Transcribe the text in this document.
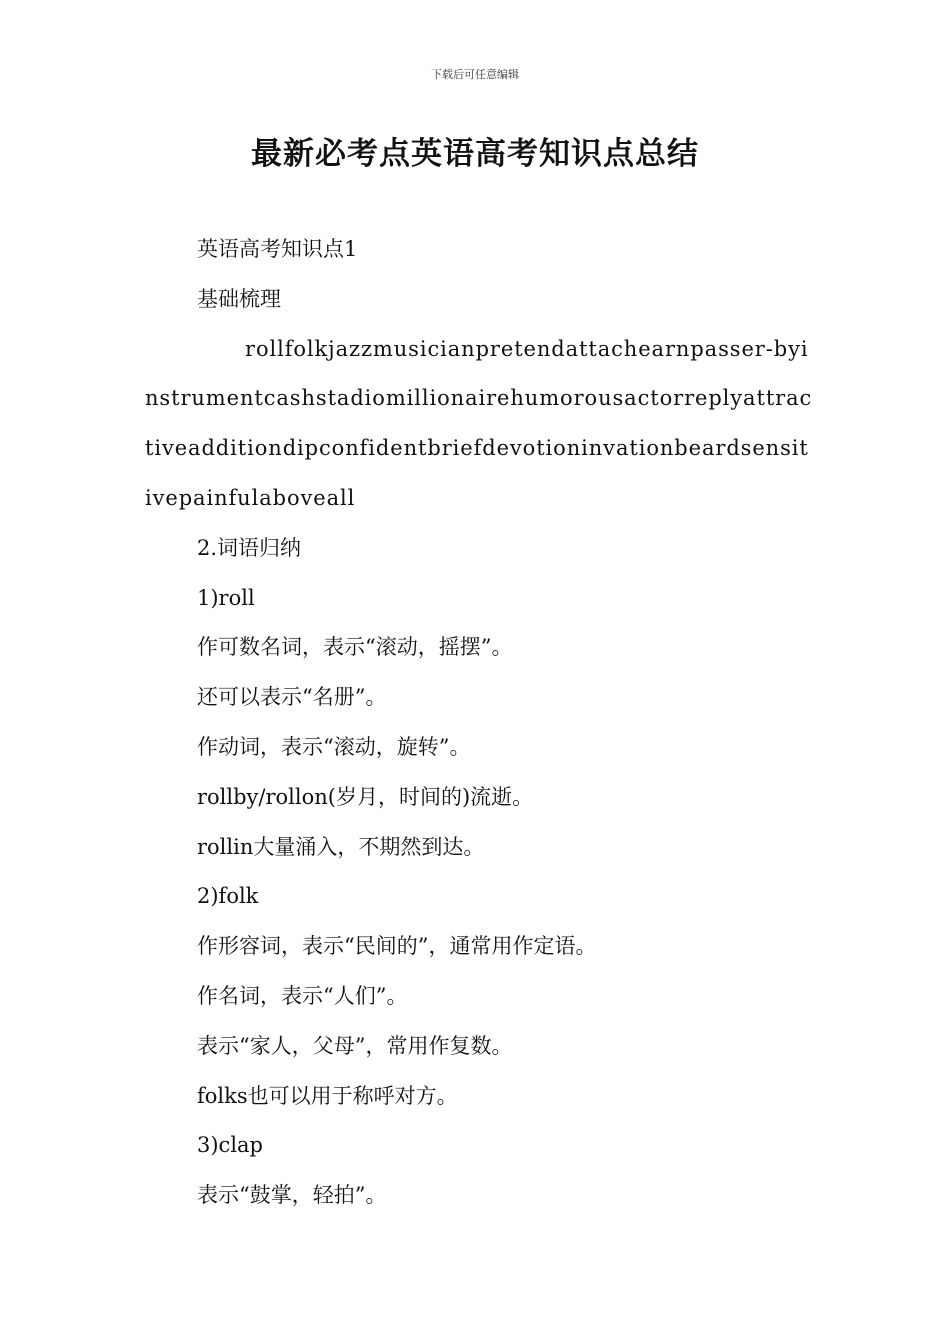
下载后可任意编辑
最新必考点英语高考知识点总结

英语高考知识点1

基础梳理

rollfolkjazzmusicianpretendattachearnpasser-byinstrumentcashstadiomillionairehumorousactorreplyattractiveadditiondipconfidentbriefdevotioninvationbeardsensitivepainfulaboveall

2.词语归纳

1)roll

作可数名词，表示“滚动，摇摆”。

还可以表示“名册”。

作动词，表示“滚动，旋转”。

rollby/rollon(岁月，时间的)流逝。

rollin大量涌入，不期然到达。

2)folk

作形容词，表示“民间的”，通常用作定语。

作名词，表示“人们”。

表示“家人，父母”，常用作复数。

folks也可以用于称呼对方。

3)clap

表示“鼓掌，轻拍”。
